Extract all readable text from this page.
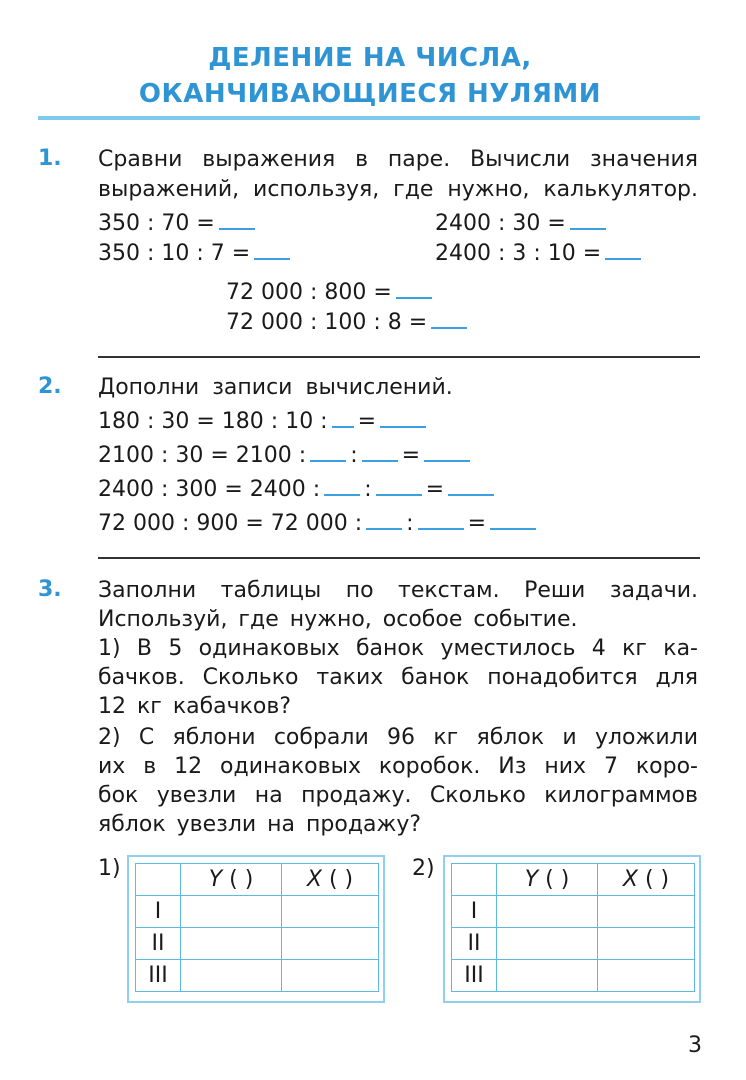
ДЕЛЕНИЕ НА ЧИСЛА,
ОКАНЧИВАЮЩИЕСЯ НУЛЯМИ
1. Сравни выражения в паре. Вычисли значения
выражений, используя, где нужно, калькулятор.
350 : 70 =
350 : 10 : 7 =
2400 : 30 =
2400 : 3 : 10 =
72 000 : 800 =
72 000 : 100 : 8 =
2. Дополни записи вычислений.
180 : 30 = 180 : 10 : =
2100 : 30 = 2100 : : =
2400 : 300 = 2400 : : =
72 000 : 900 = 72 000 : : =
3. Заполни таблицы по текстам. Реши задачи.
Используй, где нужно, особое событие.
1) В 5 одинаковых банок уместилось 4 кг ка-
бачков. Сколько таких банок понадобится для
12 кг кабачков?
2) С яблони собрали 96 кг яблок и уложили
их в 12 одинаковых коробок. Из них 7 коро-
бок увезли на продажу. Сколько килограммов
яблок увезли на продажу?
1)
		Y ( )	X ( )
I		
II		
III		
2)
		Y ( )	X ( )
I		
II		
III		
3
